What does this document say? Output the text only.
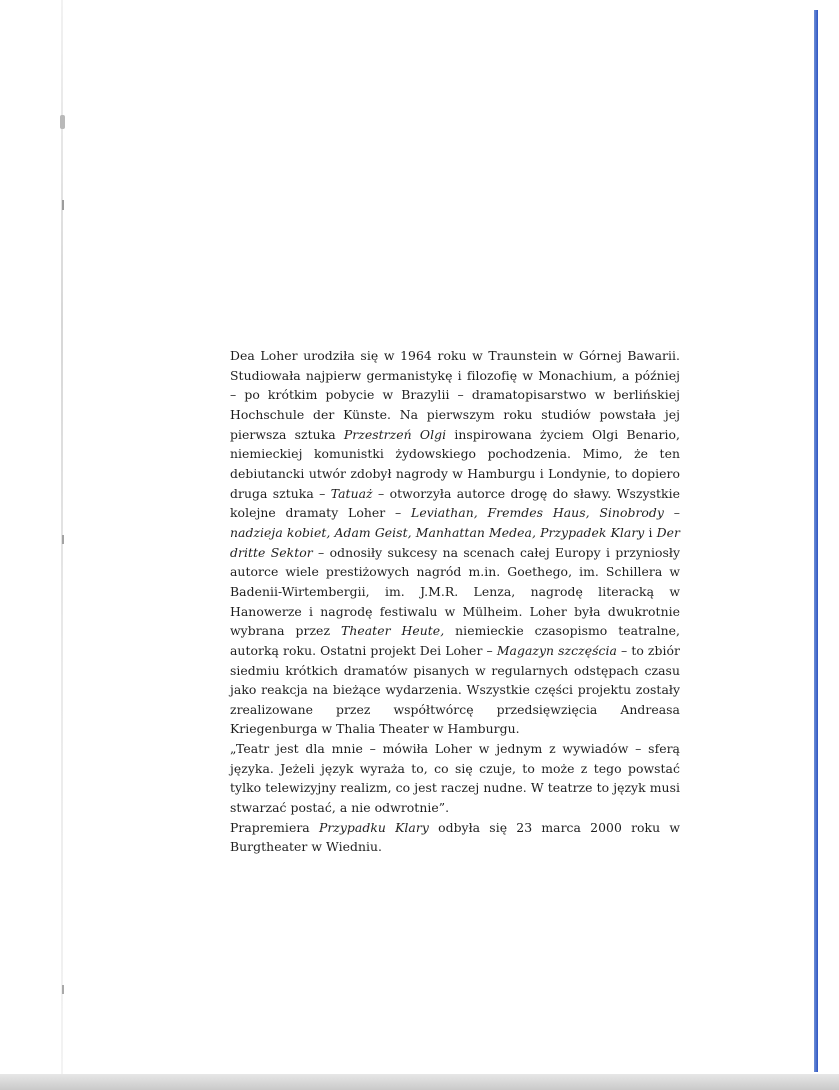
Dea Loher urodziła się w 1964 roku w Traunstein w Górnej Bawarii. Studiowała najpierw germanistykę i filozofię w Monachium, a później – po krótkim pobycie w Brazylii – dramatopisarstwo w berlińskiej Hochschule der Künste. Na pierwszym roku studiów powstała jej pierwsza sztuka Przestrzeń Olgi inspirowana życiem Olgi Benario, niemieckiej komunistki żydowskiego pochodzenia. Mimo, że ten debiutancki utwór zdobył nagrody w Hamburgu i Londynie, to dopiero druga sztuka – Tatuaż – otworzyła autorce drogę do sławy. Wszystkie kolejne dramaty Loher – Leviathan, Fremdes Haus, Sinobrody – nadzieja kobiet, Adam Geist, Manhattan Medea, Przypadek Klary i Der dritte Sektor – odnosiły sukcesy na scenach całej Europy i przyniosły autorce wiele prestiżowych nagród m.in. Goethego, im. Schillera w Badenii-Wirtembergii, im. J.M.R. Lenza, nagrodę literacką w Hanowerze i nagrodę festiwalu w Mülheim. Loher była dwukrotnie wybrana przez Theater Heute, niemieckie czasopismo teatralne, autorką roku. Ostatni projekt Dei Loher – Magazyn szczęścia – to zbiór siedmiu krótkich dramatów pisanych w regularnych odstępach czasu jako reakcja na bieżące wydarzenia. Wszystkie części projektu zostały zrealizowane przez współtwórcę przedsięwzięcia Andreasa Kriegenburga w Thalia Theater w Hamburgu.

„Teatr jest dla mnie – mówiła Loher w jednym z wywiadów – sferą języka. Jeżeli język wyraża to, co się czuje, to może z tego powstać tylko telewizyjny realizm, co jest raczej nudne. W teatrze to język musi stwarzać postać, a nie odwrotnie”.

Prapremiera Przypadku Klary odbyła się 23 marca 2000 roku w Burgtheater w Wiedniu.
